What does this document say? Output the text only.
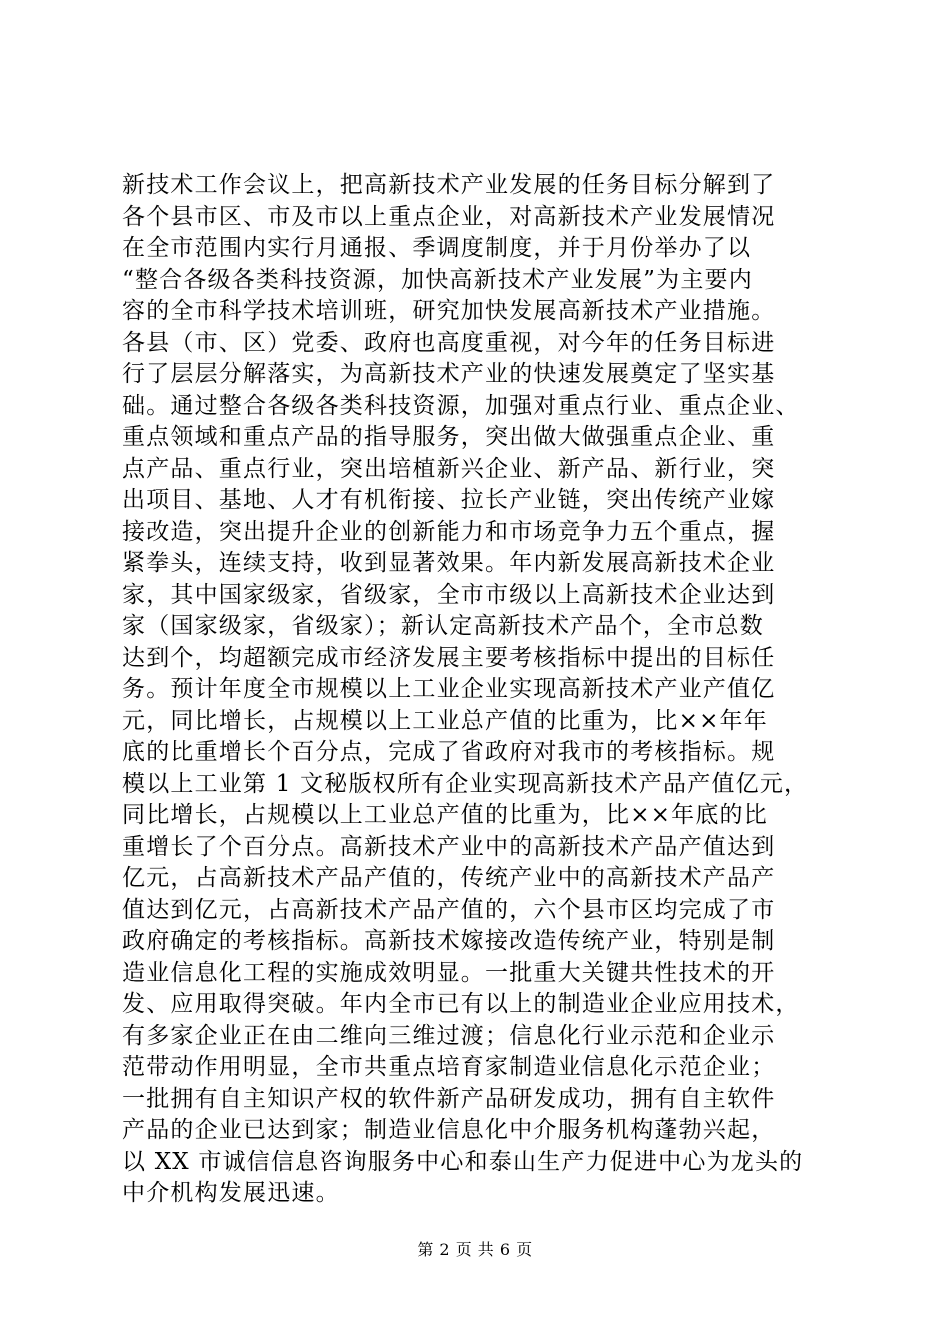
新技术工作会议上，把高新技术产业发展的任务目标分解到了
各个县市区、市及市以上重点企业，对高新技术产业发展情况
在全市范围内实行月通报、季调度制度，并于月份举办了以
“整合各级各类科技资源，加快高新技术产业发展”为主要内
容的全市科学技术培训班，研究加快发展高新技术产业措施。
各县（市、区）党委、政府也高度重视，对今年的任务目标进
行了层层分解落实，为高新技术产业的快速发展奠定了坚实基
础。通过整合各级各类科技资源，加强对重点行业、重点企业、
重点领域和重点产品的指导服务，突出做大做强重点企业、重
点产品、重点行业，突出培植新兴企业、新产品、新行业，突
出项目、基地、人才有机衔接、拉长产业链，突出传统产业嫁
接改造，突出提升企业的创新能力和市场竞争力五个重点，握
紧拳头，连续支持，收到显著效果。年内新发展高新技术企业
家，其中国家级家，省级家，全市市级以上高新技术企业达到
家（国家级家，省级家）；新认定高新技术产品个，全市总数
达到个，均超额完成市经济发展主要考核指标中提出的目标任
务。预计年度全市规模以上工业企业实现高新技术产业产值亿
元，同比增长，占规模以上工业总产值的比重为，比××年年
底的比重增长个百分点，完成了省政府对我市的考核指标。规
模以上工业第 1 文秘版权所有企业实现高新技术产品产值亿元，
同比增长，占规模以上工业总产值的比重为，比××年底的比
重增长了个百分点。高新技术产业中的高新技术产品产值达到
亿元，占高新技术产品产值的，传统产业中的高新技术产品产
值达到亿元，占高新技术产品产值的，六个县市区均完成了市
政府确定的考核指标。高新技术嫁接改造传统产业，特别是制
造业信息化工程的实施成效明显。一批重大关键共性技术的开
发、应用取得突破。年内全市已有以上的制造业企业应用技术，
有多家企业正在由二维向三维过渡；信息化行业示范和企业示
范带动作用明显，全市共重点培育家制造业信息化示范企业；
一批拥有自主知识产权的软件新产品研发成功，拥有自主软件
产品的企业已达到家；制造业信息化中介服务机构蓬勃兴起，
以 XX 市诚信信息咨询服务中心和泰山生产力促进中心为龙头的
中介机构发展迅速。
第 2 页 共 6 页
